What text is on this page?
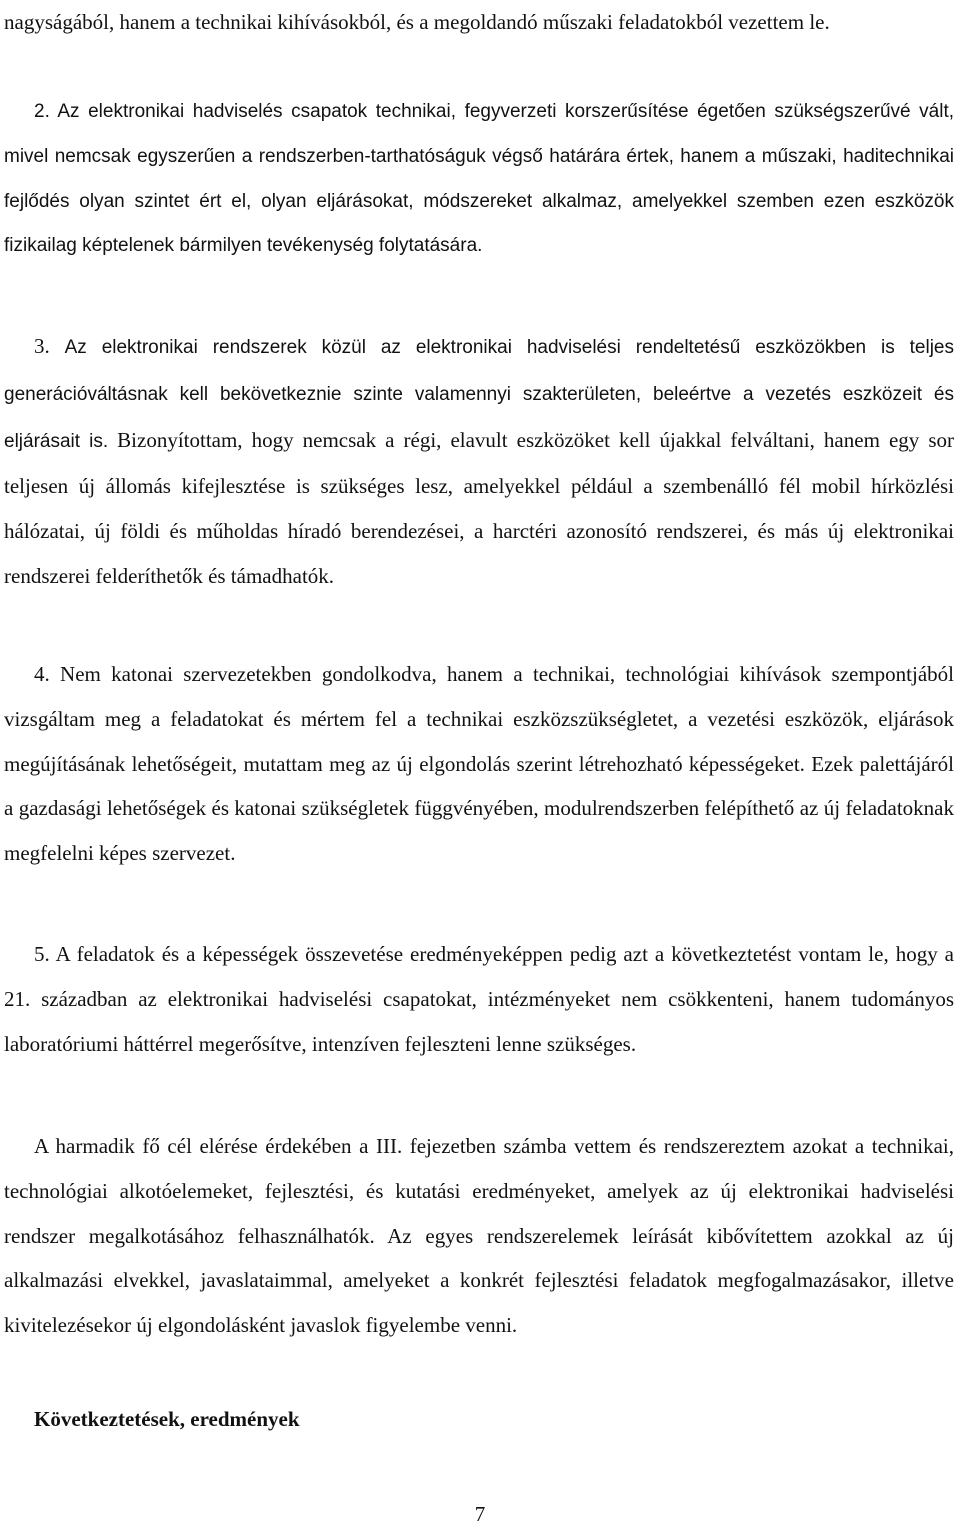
nagyságából, hanem a technikai kihívásokból, és a megoldandó műszaki feladatokból vezettem le.

2. Az elektronikai hadviselés csapatok technikai, fegyverzeti korszerűsítése égetően szükségszerűvé vált, mivel nemcsak egyszerűen a rendszerben-tarthatóságuk végső határára értek, hanem a műszaki, haditechnikai fejlődés olyan szintet ért el, olyan eljárásokat, módszereket alkalmaz, amelyekkel szemben ezen eszközök fizikailag képtelenek bármilyen tevékenység folytatására.

3. Az elektronikai rendszerek közül az elektronikai hadviselési rendeltetésű eszközökben is teljes generációváltásnak kell bekövetkeznie szinte valamennyi szakterületen, beleértve a vezetés eszközeit és eljárásait is. Bizonyítottam, hogy nemcsak a régi, elavult eszközöket kell újakkal felváltani, hanem egy sor teljesen új állomás kifejlesztése is szükséges lesz, amelyekkel például a szembenálló fél mobil hírközlési hálózatai, új földi és műholdas híradó berendezései, a harctéri azonosító rendszerei, és más új elektronikai rendszerei felderíthetők és támadhatók.

4. Nem katonai szervezetekben gondolkodva, hanem a technikai, technológiai kihívások szempontjából vizsgáltam meg a feladatokat és mértem fel a technikai eszközszükségletet, a vezetési eszközök, eljárások megújításának lehetőségeit, mutattam meg az új elgondolás szerint létrehozható képességeket. Ezek palettájáról a gazdasági lehetőségek és katonai szükségletek függvényében, modulrendszerben felépíthető az új feladatoknak megfelelni képes szervezet.

5. A feladatok és a képességek összevetése eredményeképpen pedig azt a következtetést vontam le, hogy a 21. században az elektronikai hadviselési csapatokat, intézményeket nem csökkenteni, hanem tudományos laboratóriumi háttérrel megerősítve, intenzíven fejleszteni lenne szükséges.

A harmadik fő cél elérése érdekében a III. fejezetben számba vettem és rendszereztem azokat a technikai, technológiai alkotóelemeket, fejlesztési, és kutatási eredményeket, amelyek az új elektronikai hadviselési rendszer megalkotásához felhasználhatók. Az egyes rendszerelemek leírását kibővítettem azokkal az új alkalmazási elvekkel, javaslataimmal, amelyeket a konkrét fejlesztési feladatok megfogalmazásakor, illetve kivitelezésekor új elgondolásként javaslok figyelembe venni.

Következtetések, eredmények
7
